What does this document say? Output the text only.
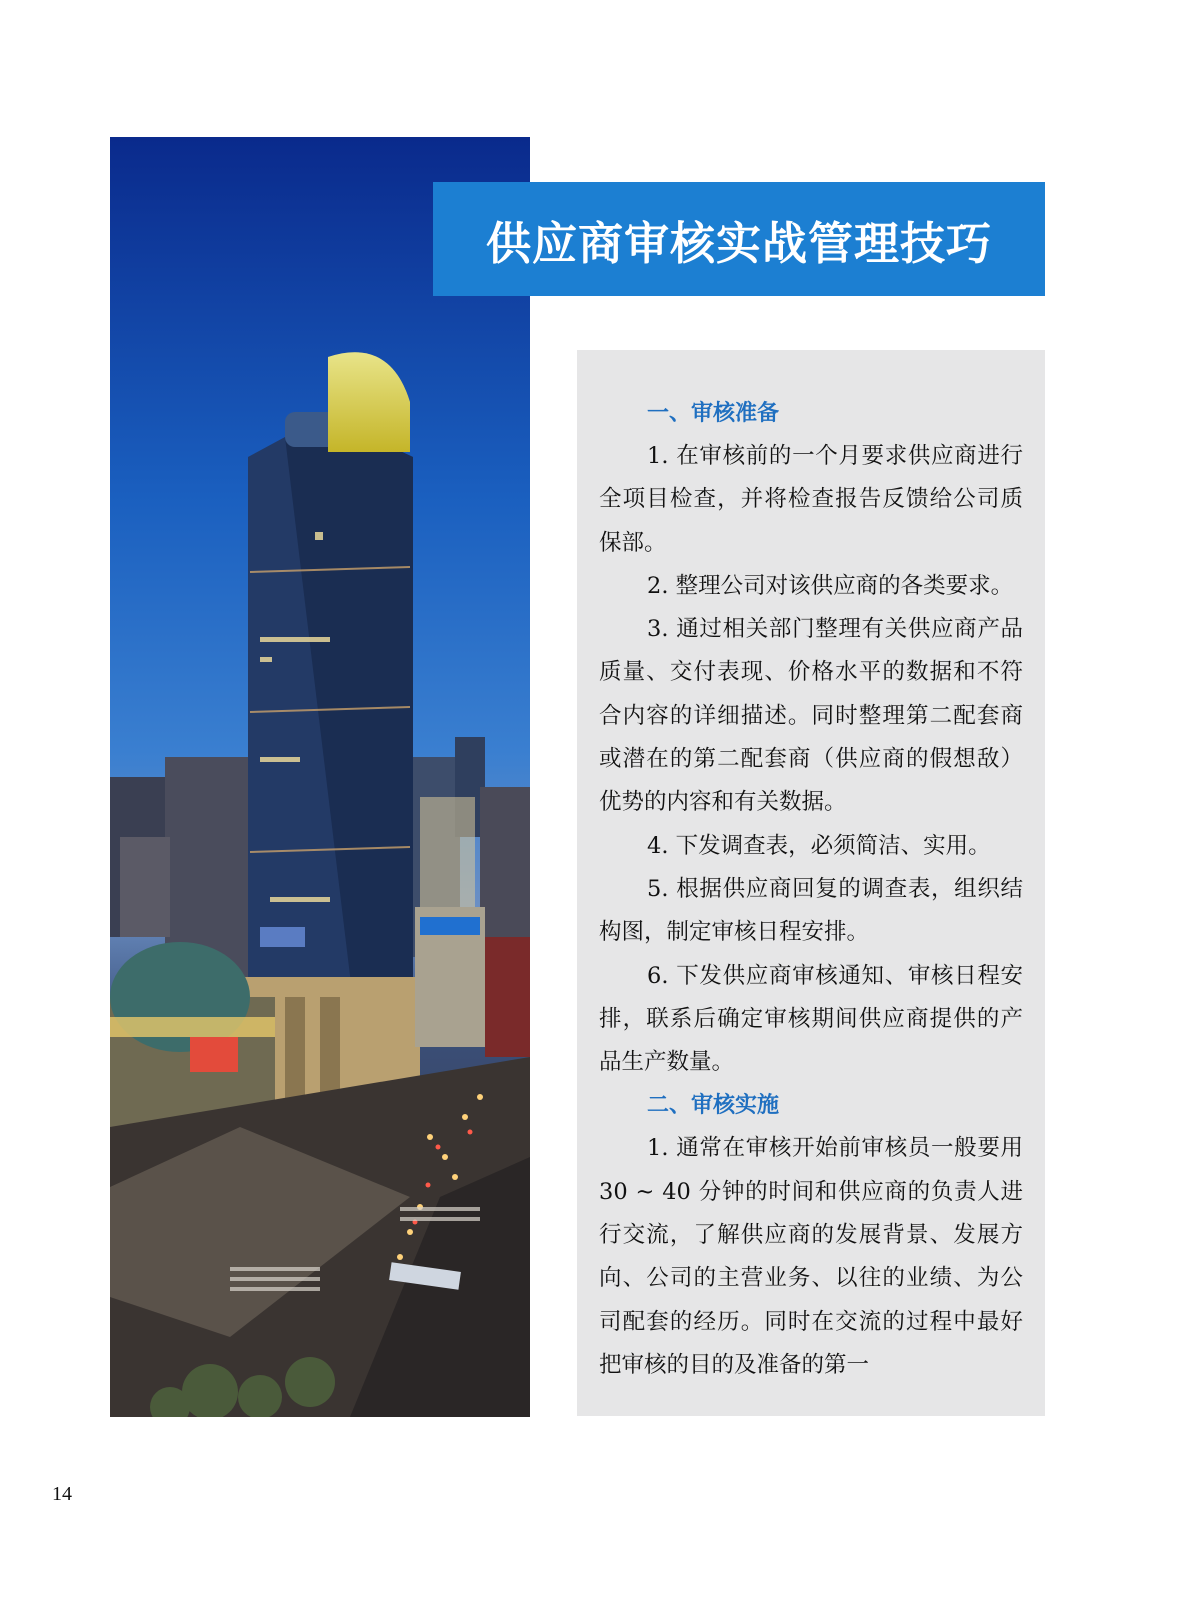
供应商审核实战管理技巧
一、审核准备

1. 在审核前的一个月要求供应商进行全项目检查，并将检查报告反馈给公司质保部。

2. 整理公司对该供应商的各类要求。

3. 通过相关部门整理有关供应商产品质量、交付表现、价格水平的数据和不符合内容的详细描述。同时整理第二配套商或潜在的第二配套商（供应商的假想敌）优势的内容和有关数据。

4. 下发调查表，必须简洁、实用。

5. 根据供应商回复的调查表，组织结构图，制定审核日程安排。

6. 下发供应商审核通知、审核日程安排，联系后确定审核期间供应商提供的产品生产数量。

二、审核实施

1. 通常在审核开始前审核员一般要用 30 ~ 40 分钟的时间和供应商的负责人进行交流，了解供应商的发展背景、发展方向、公司的主营业务、以往的业绩、为公司配套的经历。同时在交流的过程中最好把审核的目的及准备的第一

14
